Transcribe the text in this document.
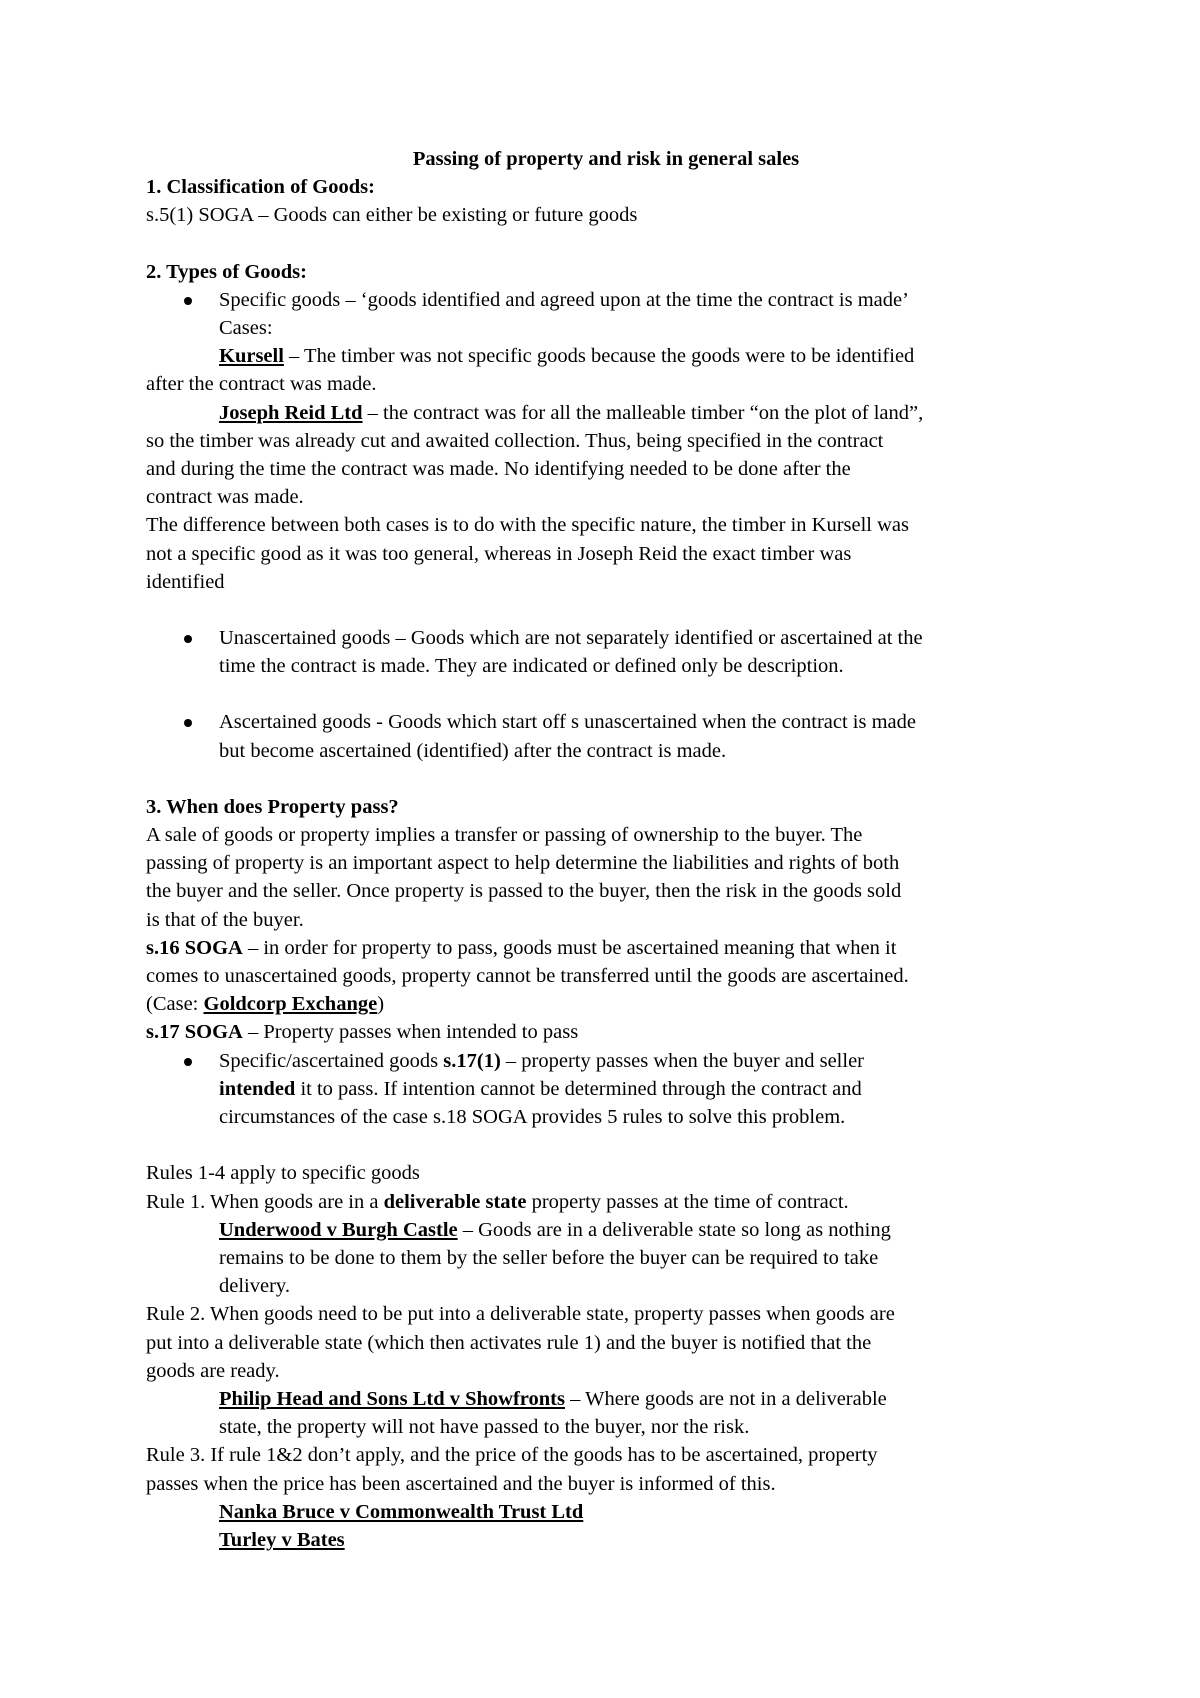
Passing of property and risk in general sales

1. Classification of Goods:

s.5(1) SOGA – Goods can either be existing or future goods

2. Types of Goods:

Specific goods – ‘goods identified and agreed upon at the time the contract is made’

Cases:

Kursell – The timber was not specific goods because the goods were to be identified

after the contract was made.

Joseph Reid Ltd – the contract was for all the malleable timber “on the plot of land”,

so the timber was already cut and awaited collection. Thus, being specified in the contract

and during the time the contract was made. No identifying needed to be done after the

contract was made.

The difference between both cases is to do with the specific nature, the timber in Kursell was

not a specific good as it was too general, whereas in Joseph Reid the exact timber was

identified

Unascertained goods – Goods which are not separately identified or ascertained at the

time the contract is made. They are indicated or defined only be description.

Ascertained goods - Goods which start off s unascertained when the contract is made

but become ascertained (identified) after the contract is made.

3. When does Property pass?

A sale of goods or property implies a transfer or passing of ownership to the buyer. The

passing of property is an important aspect to help determine the liabilities and rights of both

the buyer and the seller. Once property is passed to the buyer, then the risk in the goods sold

is that of the buyer.

s.16 SOGA – in order for property to pass, goods must be ascertained meaning that when it

comes to unascertained goods, property cannot be transferred until the goods are ascertained.

(Case: Goldcorp Exchange)

s.17 SOGA – Property passes when intended to pass

Specific/ascertained goods s.17(1) – property passes when the buyer and seller

intended it to pass. If intention cannot be determined through the contract and

circumstances of the case s.18 SOGA provides 5 rules to solve this problem.

Rules 1-4 apply to specific goods

Rule 1. When goods are in a deliverable state property passes at the time of contract.

Underwood v Burgh Castle – Goods are in a deliverable state so long as nothing

remains to be done to them by the seller before the buyer can be required to take

delivery.

Rule 2. When goods need to be put into a deliverable state, property passes when goods are

put into a deliverable state (which then activates rule 1) and the buyer is notified that the

goods are ready.

Philip Head and Sons Ltd v Showfronts – Where goods are not in a deliverable

state, the property will not have passed to the buyer, nor the risk.

Rule 3. If rule 1&2 don’t apply, and the price of the goods has to be ascertained, property

passes when the price has been ascertained and the buyer is informed of this.

Nanka Bruce v Commonwealth Trust Ltd

Turley v Bates
